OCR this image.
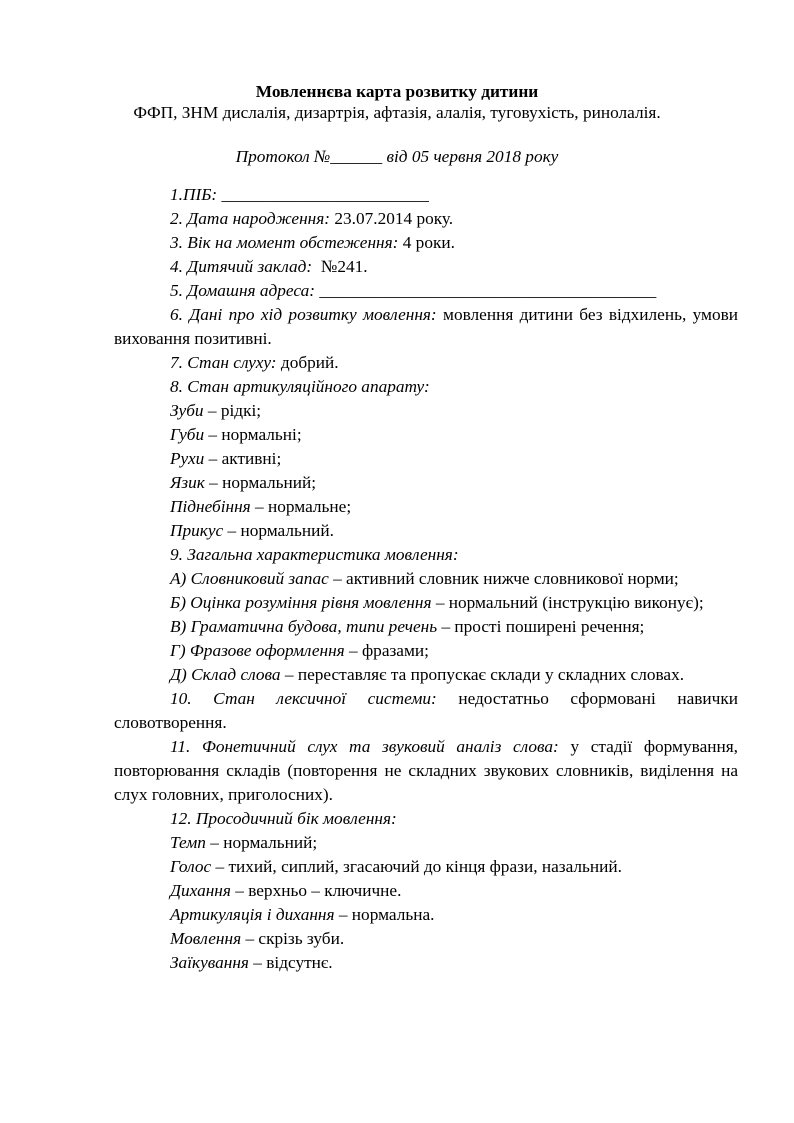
Мовленнєва карта розвитку дитини
ФФП, ЗНМ дислалія, дизартрія, афтазія, алалія, туговухість, ринолалія.
Протокол №______ від 05 червня 2018 року

1.ПІБ: ________________________

2. Дата народження: 23.07.2014 року.

3. Вік на момент обстеження: 4 роки.

4. Дитячий заклад: №241.

5. Домашня адреса: _______________________________________

6. Дані про хід розвитку мовлення: мовлення дитини без відхилень, умови виховання позитивні.

7. Стан слуху: добрий.

8. Стан артикуляційного апарату:

Зуби – рідкі;

Губи – нормальні;

Рухи – активні;

Язик – нормальний;

Піднебіння – нормальне;

Прикус – нормальний.

9. Загальна характеристика мовлення:

А) Словниковий запас – активний словник нижче словникової норми;

Б) Оцінка розуміння рівня мовлення – нормальний (інструкцію виконує);

В) Граматична будова, типи речень – прості поширені речення;

Г) Фразове оформлення – фразами;

Д) Склад слова – переставляє та пропускає склади у складних словах.

10. Стан лексичної системи: недостатньо сформовані навички словотворення.

11. Фонетичний слух та звуковий аналіз слова: у стадії формування, повторювання складів (повторення не складних звукових словників, виділення на слух головних, приголосних).

12. Просодичний бік мовлення:

Темп – нормальний;

Голос – тихий, сиплий, згасаючий до кінця фрази, назальний.

Дихання – верхньо – ключичне.

Артикуляція і дихання – нормальна.

Мовлення – скрізь зуби.

Заїкування – відсутнє.
